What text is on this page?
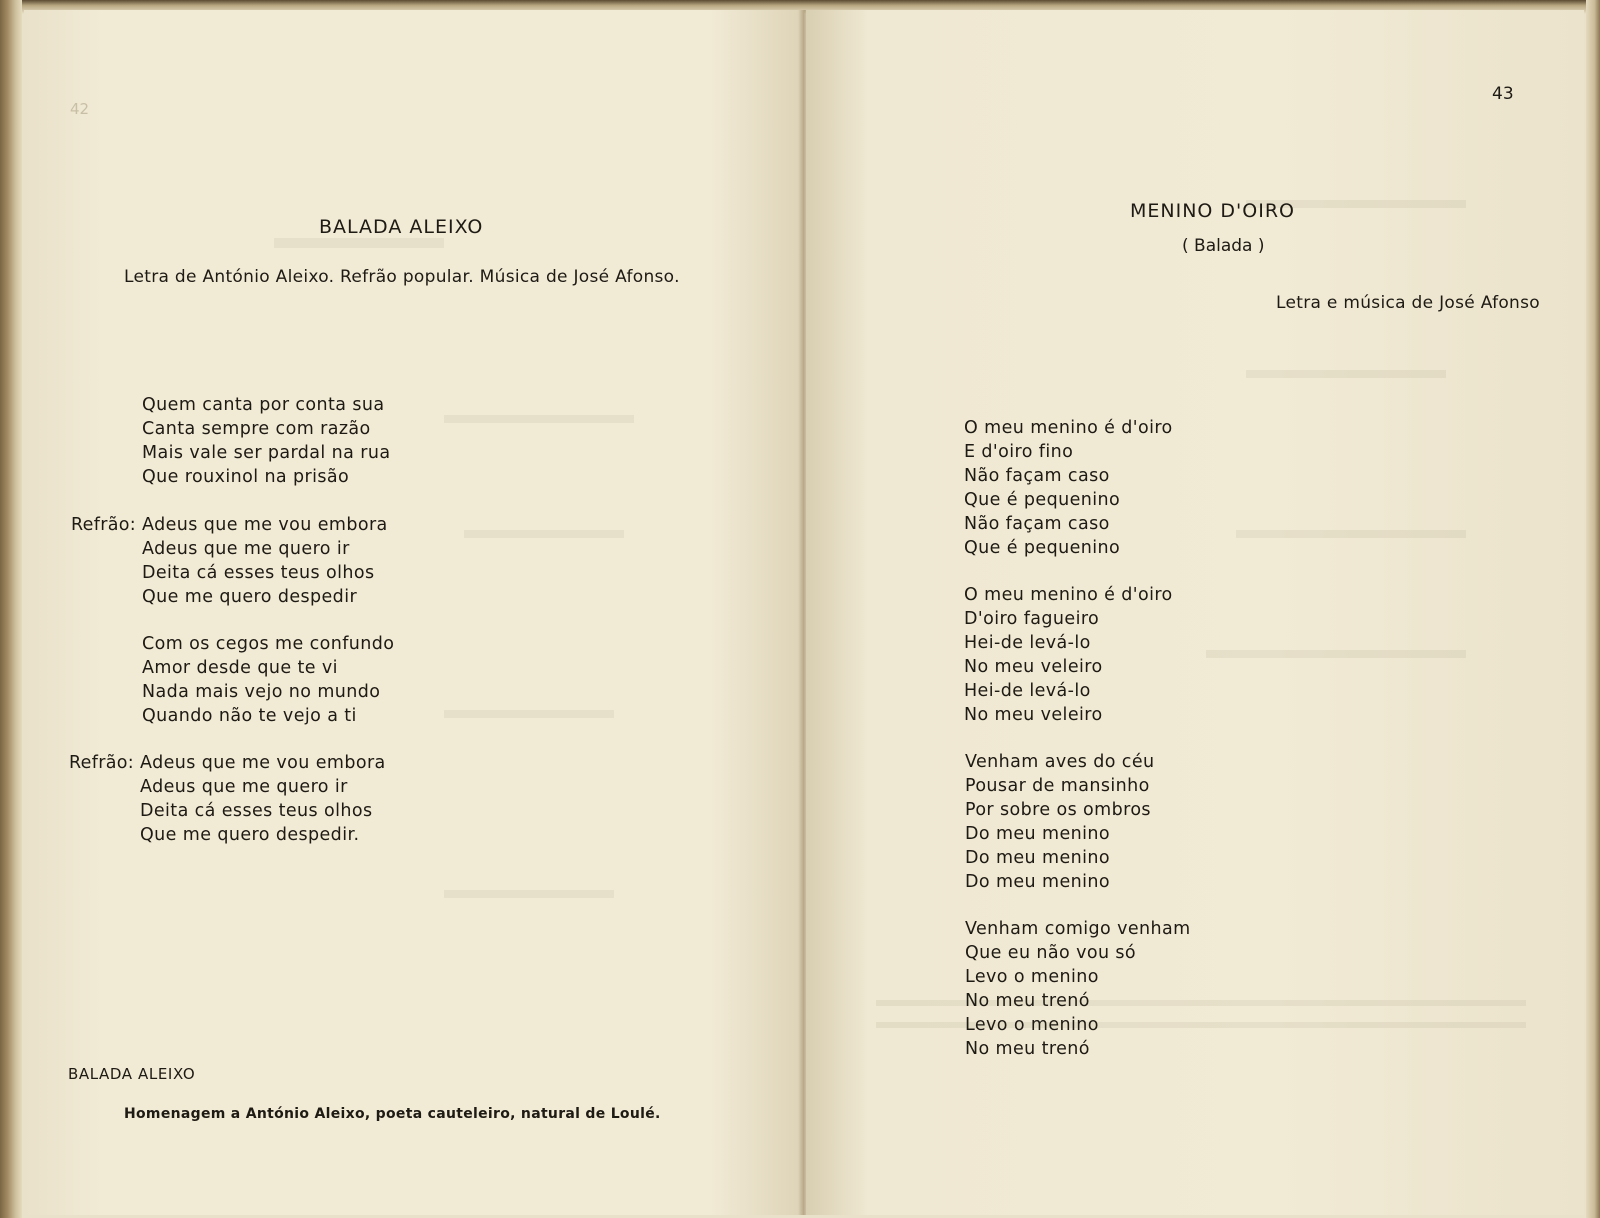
42
BALADA ALEIXO
Letra de António Aleixo. Refrão popular. Música de José Afonso.
Quem canta por conta sua
Canta sempre com razão
Mais vale ser pardal na rua
Que rouxinol na prisão
Refrão: Adeus que me vou embora
Adeus que me quero ir
Deita cá esses teus olhos
Que me quero despedir
Com os cegos me confundo
Amor desde que te vi
Nada mais vejo no mundo
Quando não te vejo a ti
Refrão: Adeus que me vou embora
Adeus que me quero ir
Deita cá esses teus olhos
Que me quero despedir.
BALADA ALEIXO
Homenagem a António Aleixo, poeta cauteleiro, natural de Loulé.
43
MENINO D'OIRO
( Balada )
Letra e música de José Afonso
O meu menino é d'oiro
E d'oiro fino
Não façam caso
Que é pequenino
Não façam caso
Que é pequenino
O meu menino é d'oiro
D'oiro fagueiro
Hei-de levá-lo
No meu veleiro
Hei-de levá-lo
No meu veleiro
Venham aves do céu
Pousar de mansinho
Por sobre os ombros
Do meu menino
Do meu menino
Do meu menino
Venham comigo venham
Que eu não vou só
Levo o menino
No meu trenó
Levo o menino
No meu trenó
